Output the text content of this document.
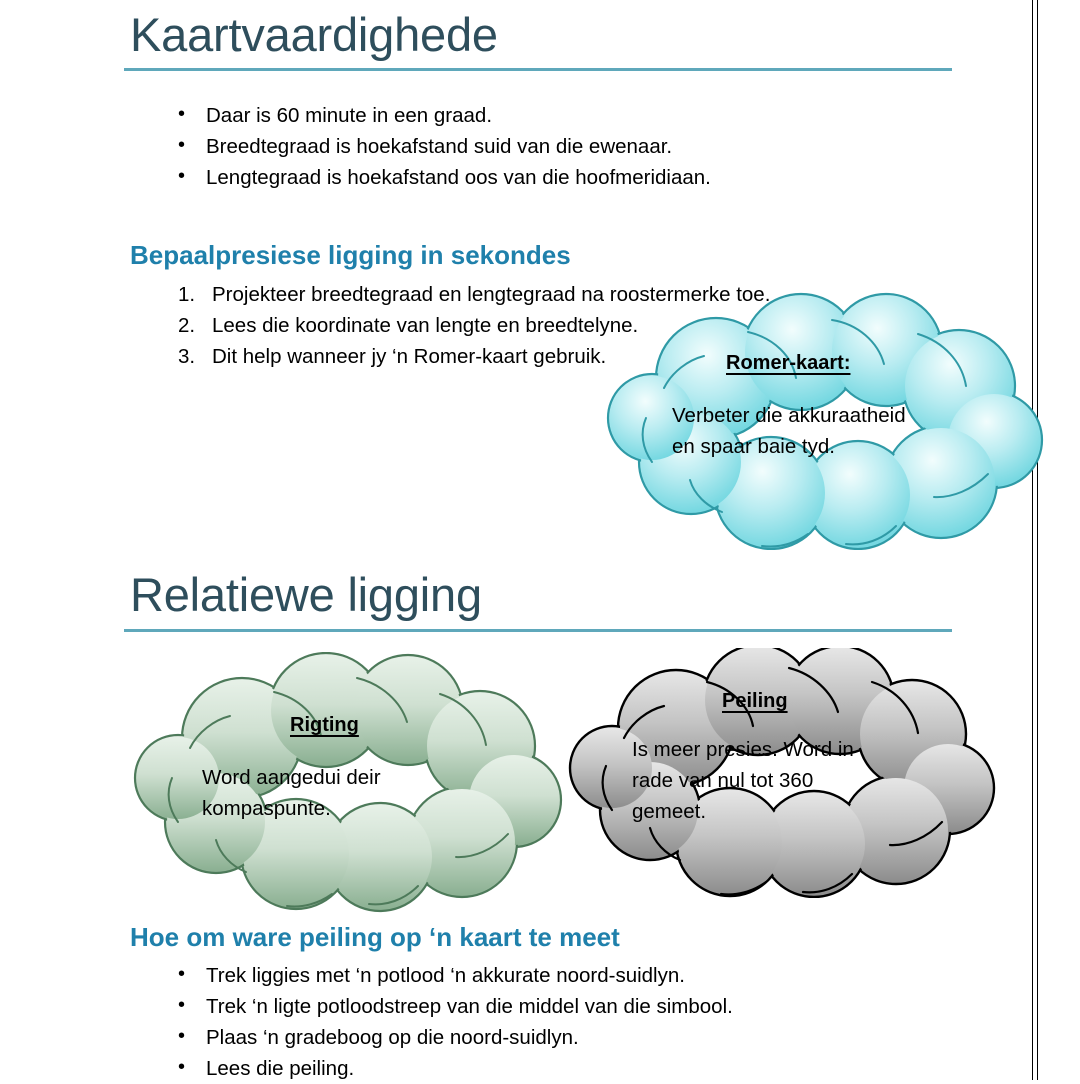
Kaartvaardighede
• Daar is 60 minute in een graad.
• Breedtegraad is hoekafstand suid van die ewenaar.
• Lengtegraad is hoekafstand oos van die hoofmeridiaan.
Bepaalpresiese ligging in sekondes
Projekteer breedtegraad en lengtegraad na roostermerke toe.
Lees die koordinate van lengte en breedtelyne.
Dit help wanneer jy ‘n Romer-kaart gebruik.	Romer-kaart:
Verbeter die akkuraatheid
en spaar baie tyd.
Relatiewe ligging
Rigting
Word aangedui deir
kompaspunte.
Peiling
Is meer presies. Word in
rade van nul tot 360
gemeet.
Hoe om ware peiling op ‘n kaart te meet
• Trek liggies met ‘n potlood ‘n akkurate noord-suidlyn.
• Trek ‘n ligte potloodstreep van die middel van die simbool.
• Plaas ‘n gradeboog op die noord-suidlyn.
• Lees die peiling.
